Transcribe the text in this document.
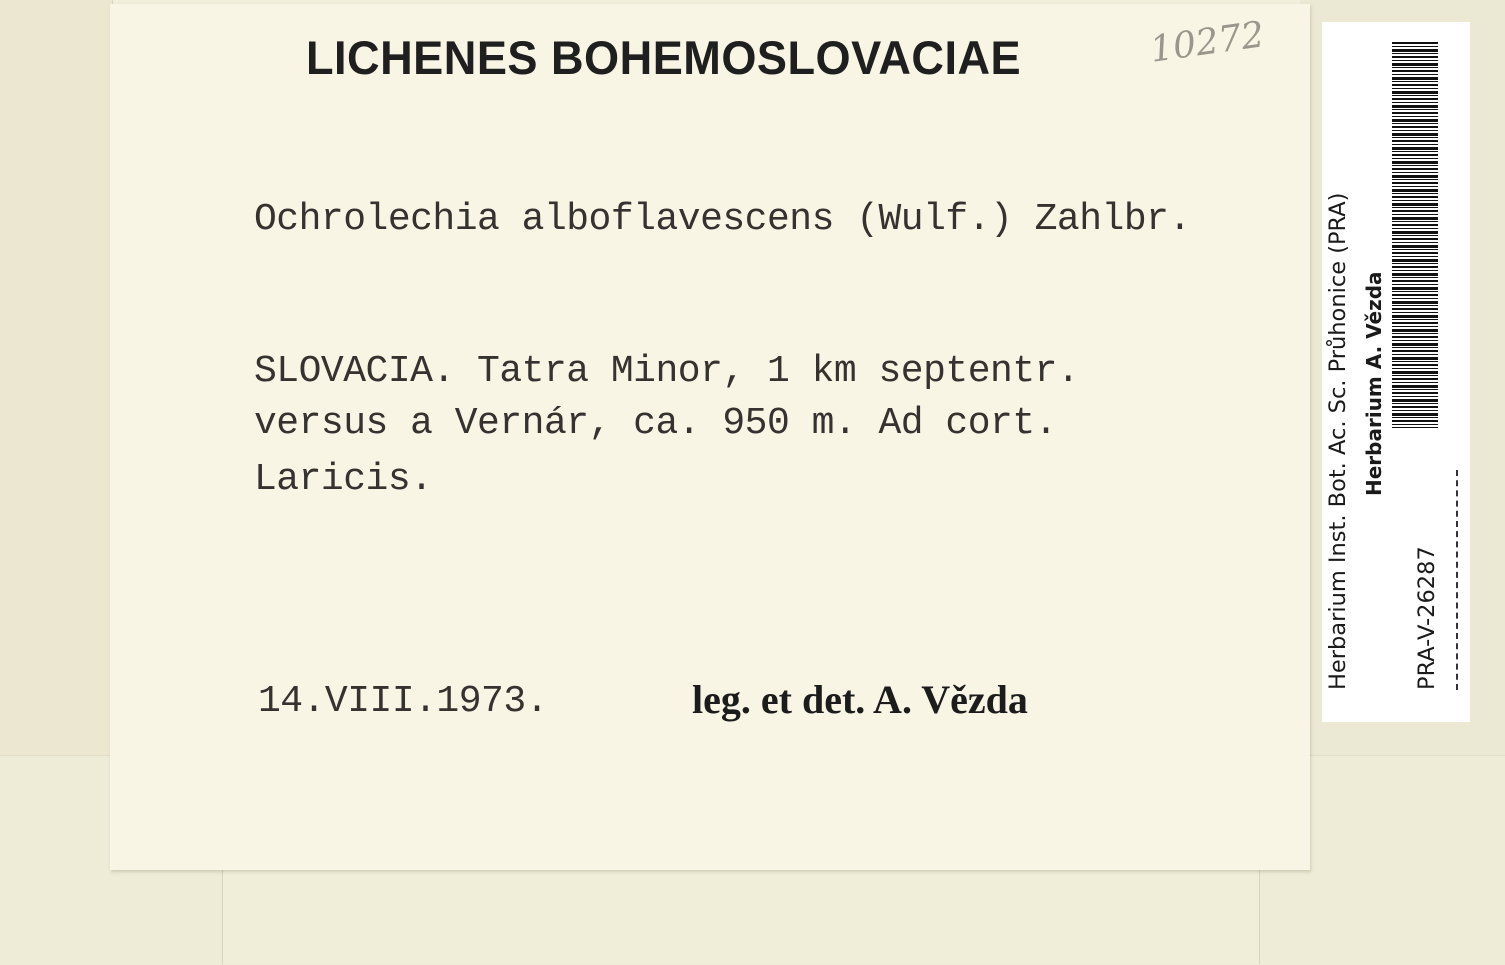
LICHENES BOHEMOSLOVACIAE	10272
Ochrolechia alboflavescens (Wulf.) Zahlbr.
SLOVACIA. Tatra Minor, 1 km septentr.
versus a Vernár, ca. 950 m. Ad cort.
Laricis.
14.VIII.1973.	leg. et det. A. Vězda
Herbarium Inst. Bot. Ac. Sc. Průhonice (PRA) Herbarium A. Vězda
PRA-V-26287
